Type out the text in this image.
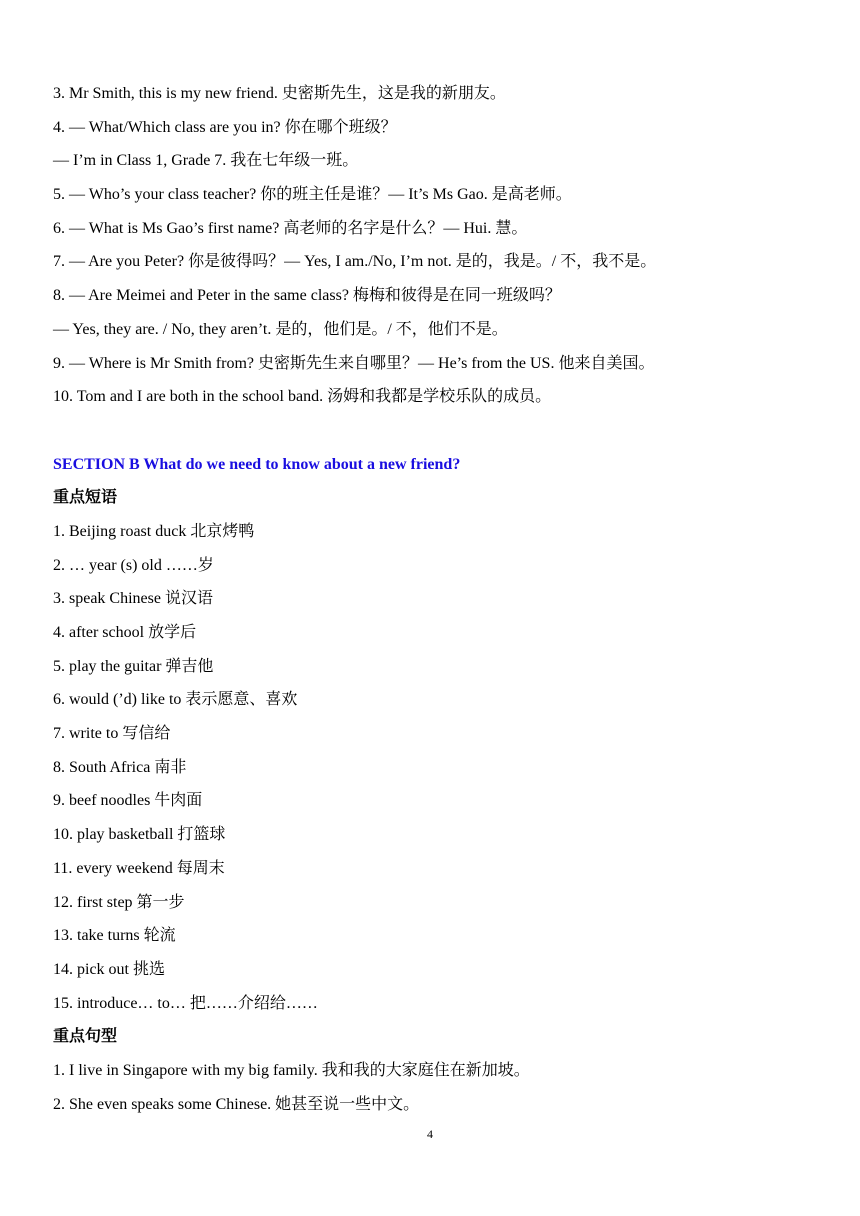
3. Mr Smith, this is my new friend. 史密斯先生，这是我的新朋友。
4. — What/Which class are you in? 你在哪个班级？
— I’m in Class 1, Grade 7. 我在七年级一班。
5. — Who’s your class teacher? 你的班主任是谁？— It’s Ms Gao. 是高老师。
6. — What is Ms Gao’s first name? 高老师的名字是什么？— Hui. 慧。
7. — Are you Peter? 你是彼得吗？— Yes, I am./No, I’m not. 是的，我是。/ 不，我不是。
8. — Are Meimei and Peter in the same class? 梅梅和彼得是在同一班级吗？
— Yes, they are. / No, they aren’t. 是的，他们是。/ 不，他们不是。
9. — Where is Mr Smith from? 史密斯先生来自哪里？— He’s from the US. 他来自美国。
10. Tom and I are both in the school band. 汤姆和我都是学校乐队的成员。
SECTION B What do we need to know about a new friend?
重点短语
1. Beijing roast duck 北京烤鸭
2. … year (s) old ……岁
3. speak Chinese 说汉语
4. after school 放学后
5. play the guitar 弹吉他
6. would (’d) like to 表示愿意、喜欢
7. write to 写信给
8. South Africa 南非
9. beef noodles 牛肉面
10. play basketball 打篮球
11. every weekend 每周末
12. first step 第一步
13. take turns 轮流
14. pick out 挑选
15. introduce… to… 把……介绍给……
重点句型
1. I live in Singapore with my big family. 我和我的大家庭住在新加坡。
2. She even speaks some Chinese. 她甚至说一些中文。
4
